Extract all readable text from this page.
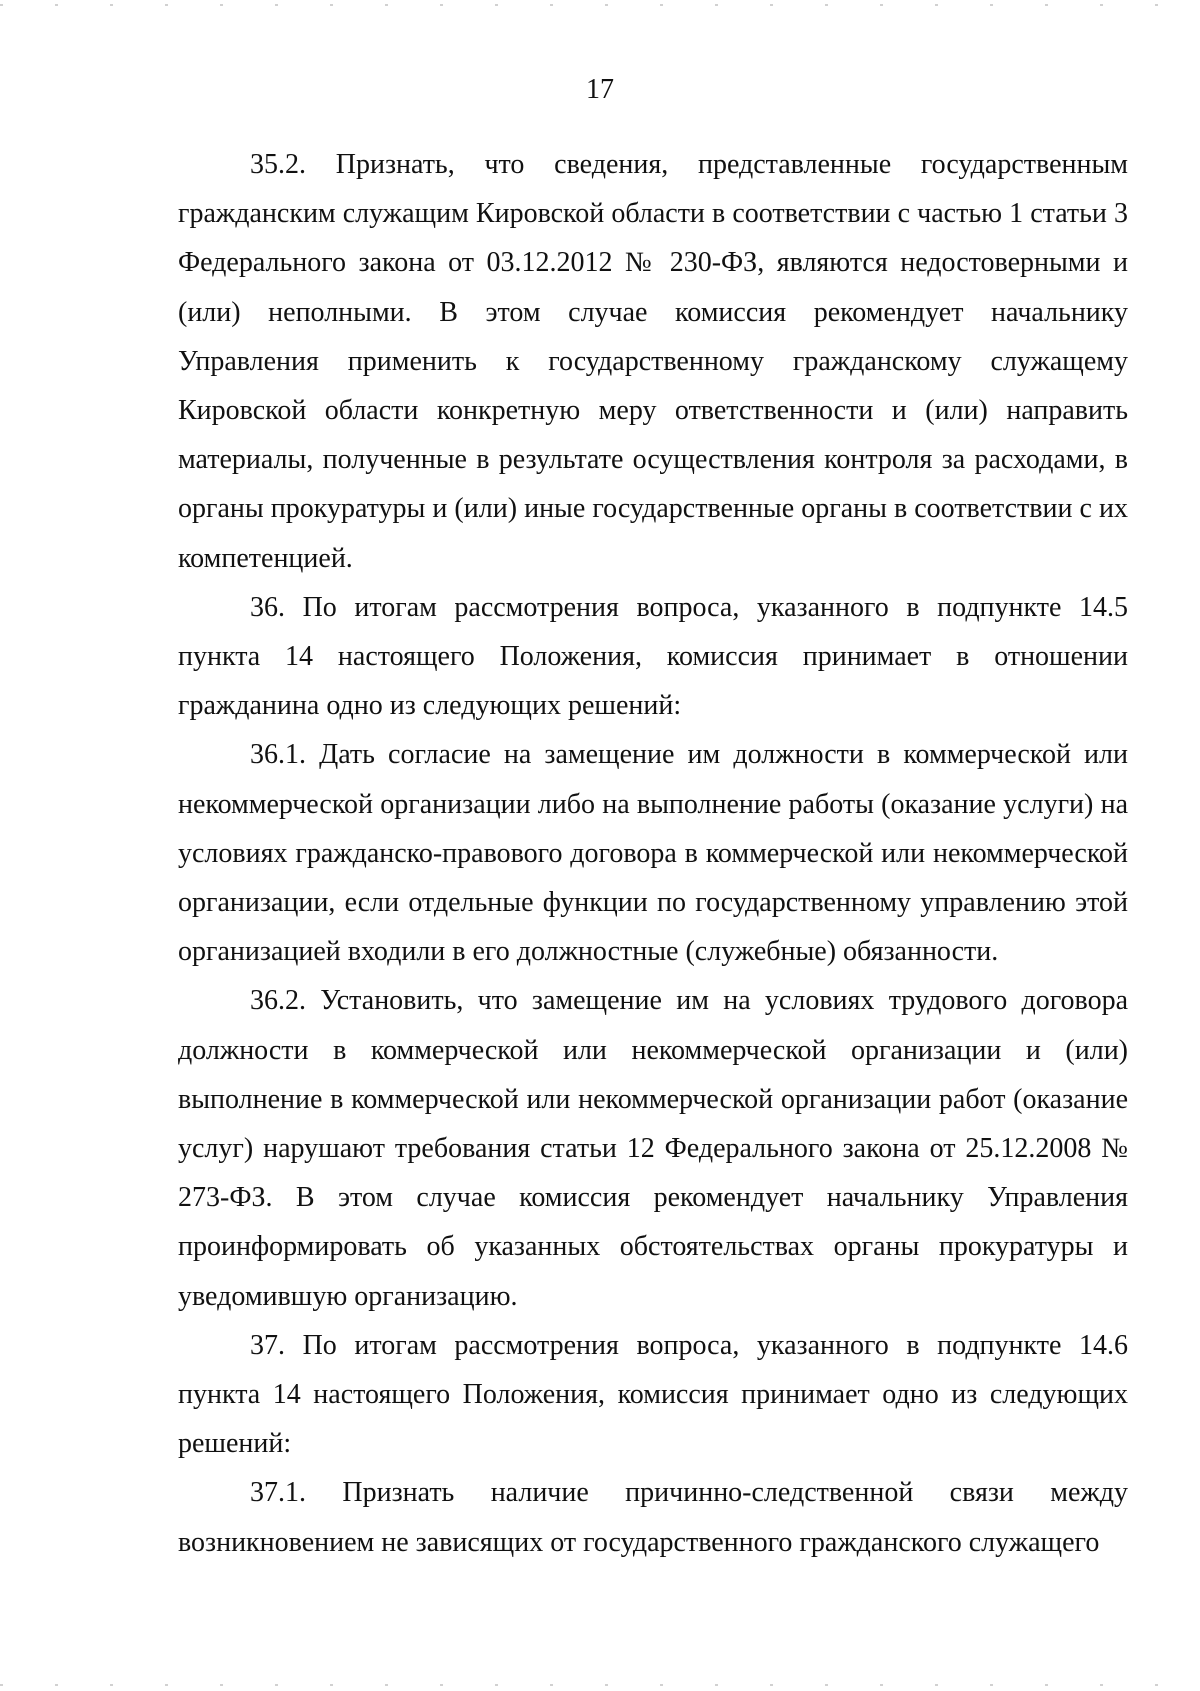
17

35.2. Признать, что сведения, представленные государственным гражданским служащим Кировской области в соответствии с частью 1 статьи 3 Федерального закона от 03.12.2012 № 230-ФЗ, являются недостоверными и (или) неполными. В этом случае комиссия рекомендует начальнику Управления применить к государственному гражданскому служащему Кировской области конкретную меру ответственности и (или) направить материалы, полученные в результате осуществления контроля за расходами, в органы прокуратуры и (или) иные государственные органы в соответствии с их компетенцией.

36. По итогам рассмотрения вопроса, указанного в подпункте 14.5 пункта 14 настоящего Положения, комиссия принимает в отношении гражданина одно из следующих решений:

36.1. Дать согласие на замещение им должности в коммерческой или некоммерческой организации либо на выполнение работы (оказание услуги) на условиях гражданско-правового договора в коммерческой или некоммерческой организации, если отдельные функции по государственному управлению этой организацией входили в его должностные (служебные) обязанности.

36.2. Установить, что замещение им на условиях трудового договора должности в коммерческой или некоммерческой организации и (или) выполнение в коммерческой или некоммерческой организации работ (оказание услуг) нарушают требования статьи 12 Федерального закона от 25.12.2008 № 273-ФЗ. В этом случае комиссия рекомендует начальнику Управления проинформировать об указанных обстоятельствах органы прокуратуры и уведомившую организацию.

37. По итогам рассмотрения вопроса, указанного в подпункте 14.6 пункта 14 настоящего Положения, комиссия принимает одно из следующих решений:

37.1. Признать наличие причинно-следственной связи между возникновением не зависящих от государственного гражданского служащего
